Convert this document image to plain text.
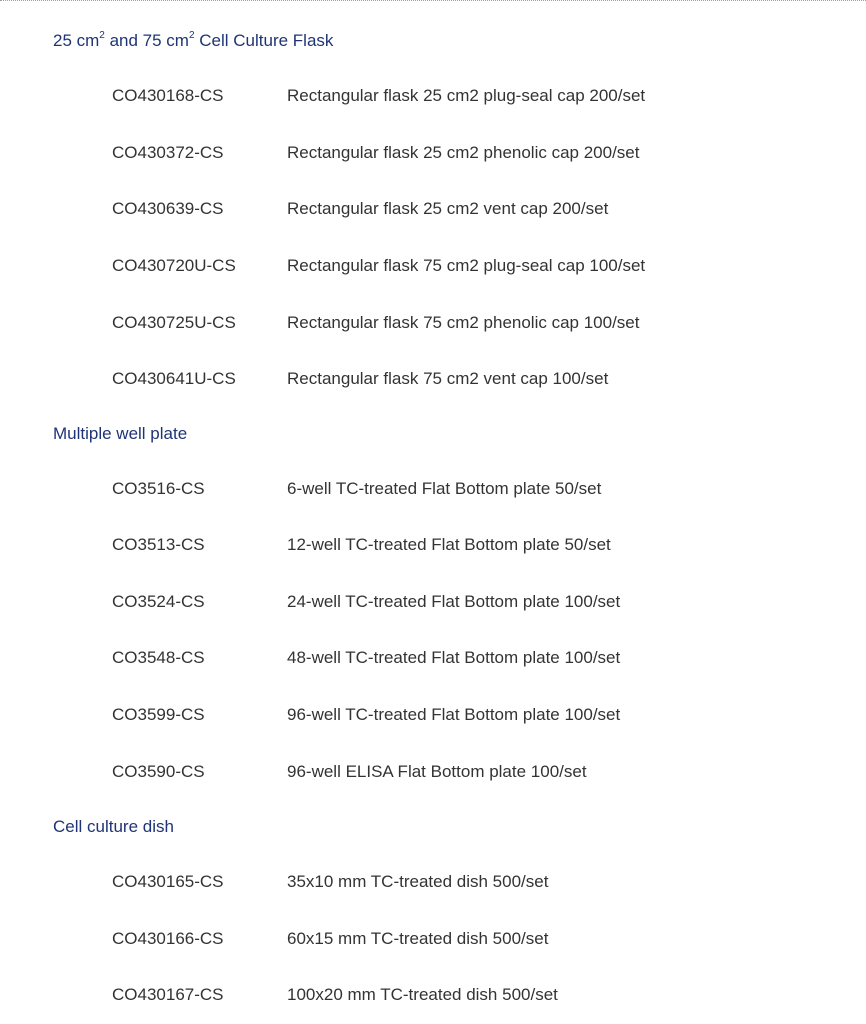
25 $cm^2$ and 75 $cm^2$ Cell Culture Flask
CO430168-CS	Rectangular flask 25 cm2 plug-seal cap 200/set
CO430372-CS	Rectangular flask 25 cm2 phenolic cap 200/set
CO430639-CS	Rectangular flask 25 cm2 vent cap 200/set
CO430720U-CS	Rectangular flask 75 cm2 plug-seal cap 100/set
CO430725U-CS	Rectangular flask 75 cm2 phenolic cap 100/set
CO430641U-CS	Rectangular flask 75 cm2 vent cap 100/set
Multiple well plate
CO3516-CS	6-well TC-treated Flat Bottom plate 50/set
CO3513-CS	12-well TC-treated Flat Bottom plate 50/set
CO3524-CS	24-well TC-treated Flat Bottom plate 100/set
CO3548-CS	48-well TC-treated Flat Bottom plate 100/set
CO3599-CS	96-well TC-treated Flat Bottom plate 100/set
CO3590-CS	96-well ELISA Flat Bottom plate 100/set
Cell culture dish
CO430165-CS	35x10 mm TC-treated dish 500/set
CO430166-CS	60x15 mm TC-treated dish 500/set
CO430167-CS	100x20 mm TC-treated dish 500/set
